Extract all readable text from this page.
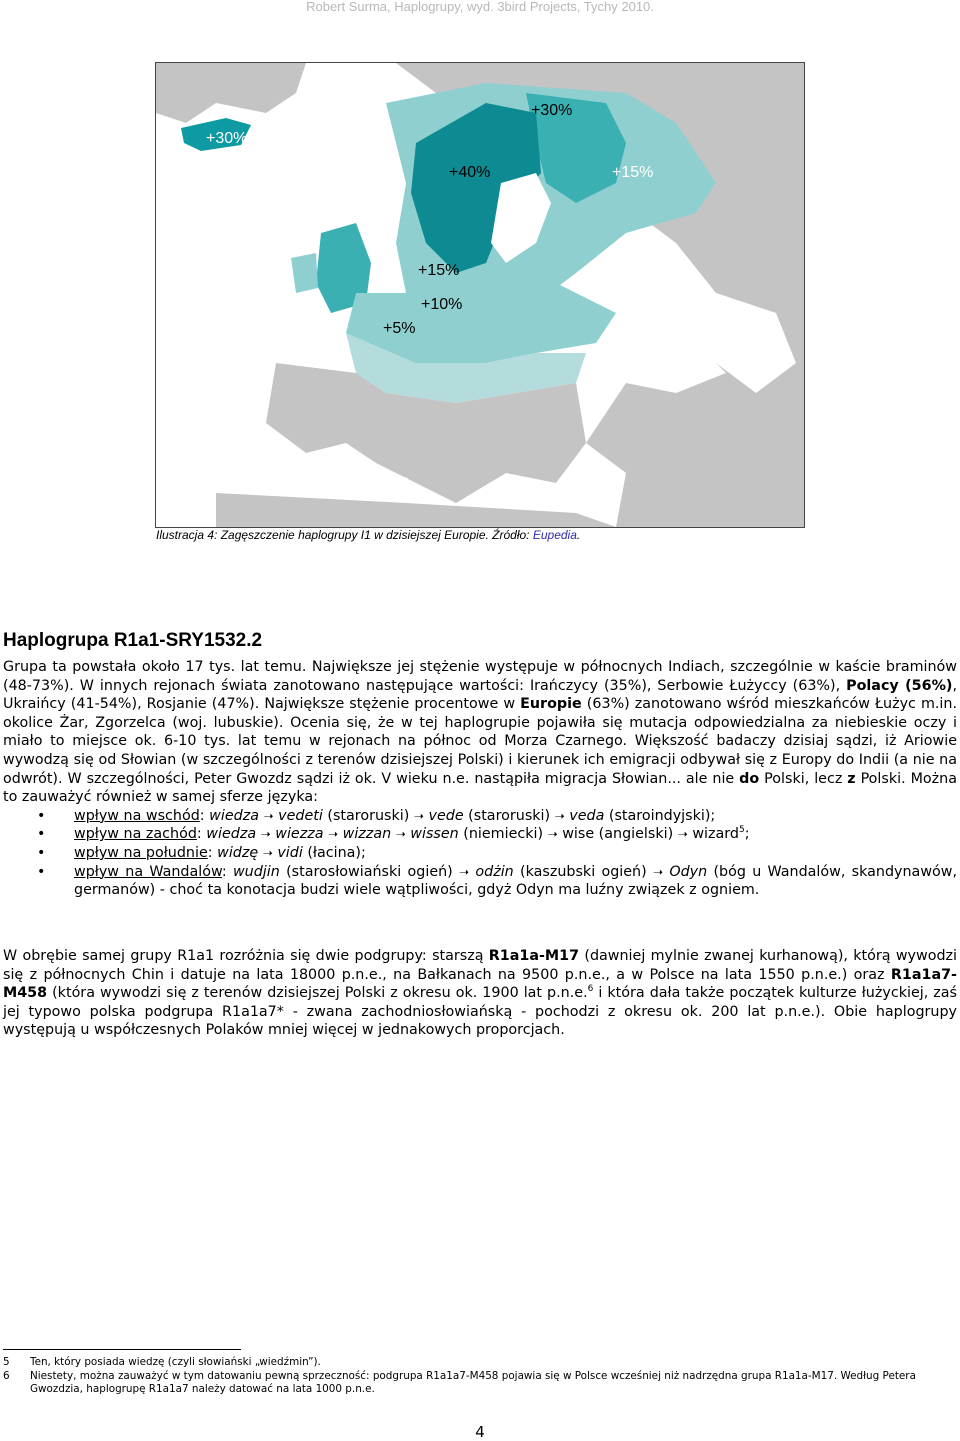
Robert Surma, Haplogrupy, wyd. 3bird Projects, Tychy 2010.
+30%
+30%
+40%	+15%
+15%
+10%
+5%
© Eupedia.com
Ilustracja 4: Zagęszczenie haplogrupy I1 w dzisiejszej Europie. Źródło: Eupedia.
Haplogrupa R1a1-SRY1532.2

Grupa ta powstała około 17 tys. lat temu. Największe jej stężenie występuje w północnych Indiach, szczególnie w kaście braminów (48-73%). W innych rejonach świata zanotowano następujące wartości: Irańczycy (35%), Serbowie Łużyccy (63%), Polacy (56%), Ukraińcy (41-54%), Rosjanie (47%). Największe stężenie procentowe w Europie (63%) zanotowano wśród mieszkańców Łużyc m.in. okolice Żar, Zgorzelca (woj. lubuskie). Ocenia się, że w tej haplogrupie pojawiła się mutacja odpowiedzialna za niebieskie oczy i miało to miejsce ok. 6-10 tys. lat temu w rejonach na północ od Morza Czarnego. Większość badaczy dzisiaj sądzi, iż Ariowie wywodzą się od Słowian (w szczególności z terenów dzisiejszej Polski) i kierunek ich emigracji odbywał się z Europy do Indii (a nie na odwrót). W szczególności, Peter Gwozdz sądzi iż ok. V wieku n.e. nastąpiła migracja Słowian... ale nie do Polski, lecz z Polski. Można to zauważyć również w samej sferze języka:

• wpływ na wschód: wiedza ➝ vedeti (staroruski) ➝ vede (staroruski) ➝ veda (staroindyjski);
• wpływ na zachód: wiedza ➝ wiezza ➝ wizzan ➝ wissen (niemiecki) ➝ wise (angielski) ➝ wizard$^5$;
• wpływ na południe: widzę ➝ vidi (łacina);
• wpływ na Wandalów: wudjin (starosłowiański ogień) ➝ odżin (kaszubski ogień) ➝ Odyn (bóg u Wandalów, skandynawów, germanów) - choć ta konotacja budzi wiele wątpliwości, gdyż Odyn ma luźny związek z ogniem.

W obrębie samej grupy R1a1 rozróżnia się dwie podgrupy: starszą R1a1a-M17 (dawniej mylnie zwanej kurhanową), którą wywodzi się z północnych Chin i datuje na lata 18000 p.n.e., na Bałkanach na 9500 p.n.e., a w Polsce na lata 1550 p.n.e.) oraz R1a1a7-M458 (która wywodzi się z terenów dzisiejszej Polski z okresu ok. 1900 lat p.n.e.$^6$ i która dała także początek kulturze łużyckiej, zaś jej typowo polska podgrupa R1a1a7* - zwana zachodniosłowiańską - pochodzi z okresu ok. 200 lat p.n.e.). Obie haplogrupy występują u współczesnych Polaków mniej więcej w jednakowych proporcjach.

5	Ten, który posiada wiedzę (czyli słowiański „wiedźmin”).
6	Niestety, można zauważyć w tym datowaniu pewną sprzeczność: podgrupa R1a1a7-M458 pojawia się w Polsce wcześniej niż nadrzędna grupa R1a1a-M17. Według Petera Gwozdzia, haplogrupę R1a1a7 należy datować na lata 1000 p.n.e.
4
